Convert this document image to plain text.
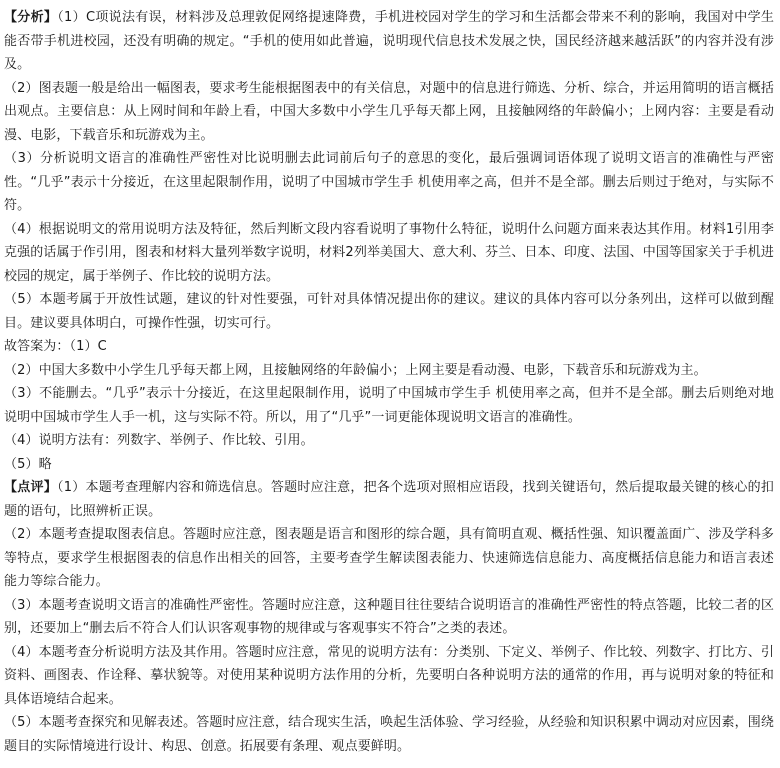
【分析】（1）C项说法有误，材料涉及总理敦促网络提速降费，手机进校园对学生的学习和生活都会带来不利的影响，我国对中学生能否带手机进校园，还没有明确的规定。“手机的使用如此普遍，说明现代信息技术发展之快，国民经济越来越活跃”的内容并没有涉及。

（2）图表题一般是给出一幅图表，要求考生能根据图表中的有关信息，对题中的信息进行筛选、分析、综合，并运用简明的语言概括出观点。主要信息：从上网时间和年龄上看，中国大多数中小学生几乎每天都上网，且接触网络的年龄偏小；上网内容：主要是看动漫、电影，下载音乐和玩游戏为主。

（3）分析说明文语言的准确性严密性对比说明删去此词前后句子的意思的变化，最后强调词语体现了说明文语言的准确性与严密性。“几乎”表示十分接近，在这里起限制作用，说明了中国城市学生手 机使用率之高，但并不是全部。删去后则过于绝对，与实际不符。

（4）根据说明文的常用说明方法及特征，然后判断文段内容看说明了事物什么特征，说明什么问题方面来表达其作用。材料1引用李克强的话属于作引用，图表和材料大量列举数字说明，材料2列举美国大、意大利、芬兰、日本、印度、法国、中国等国家关于手机进校园的规定，属于举例子、作比较的说明方法。

（5）本题考属于开放性试题，建议的针对性要强，可针对具体情况提出你的建议。建议的具体内容可以分条列出，这样可以做到醒目。建议要具体明白，可操作性强，切实可行。

故答案为：（1）C

（2）中国大多数中小学生几乎每天都上网，且接触网络的年龄偏小；上网主要是看动漫、电影，下载音乐和玩游戏为主。

（3）不能删去。“几乎”表示十分接近，在这里起限制作用，说明了中国城市学生手 机使用率之高，但并不是全部。删去后则绝对地说明中国城市学生人手一机，这与实际不符。所以，用了“几乎”一词更能体现说明文语言的准确性。

（4）说明方法有：列数字、举例子、作比较、引用。

（5）略

【点评】（1）本题考查理解内容和筛选信息。答题时应注意，把各个选项对照相应语段，找到关键语句，然后提取最关键的核心的扣题的语句，比照辨析正误。

（2）本题考查提取图表信息。答题时应注意，图表题是语言和图形的综合题，具有简明直观、概括性强、知识覆盖面广、涉及学科多等特点，要求学生根据图表的信息作出相关的回答，主要考查学生解读图表能力、快速筛选信息能力、高度概括信息能力和语言表述能力等综合能力。

（3）本题考查说明文语言的准确性严密性。答题时应注意，这种题目往往要结合说明语言的准确性严密性的特点答题，比较二者的区别，还要加上“删去后不符合人们认识客观事物的规律或与客观事实不符合”之类的表述。

（4）本题考查分析说明方法及其作用。答题时应注意，常见的说明方法有：分类别、下定义、举例子、作比较、列数字、打比方、引资料、画图表、作诠释、摹状貌等。对使用某种说明方法作用的分析，先要明白各种说明方法的通常的作用，再与说明对象的特征和具体语境结合起来。

（5）本题考查探究和见解表述。答题时应注意，结合现实生活，唤起生活体验、学习经验，从经验和知识积累中调动对应因素，围绕题目的实际情境进行设计、构思、创意。拓展要有条理、观点要鲜明。
